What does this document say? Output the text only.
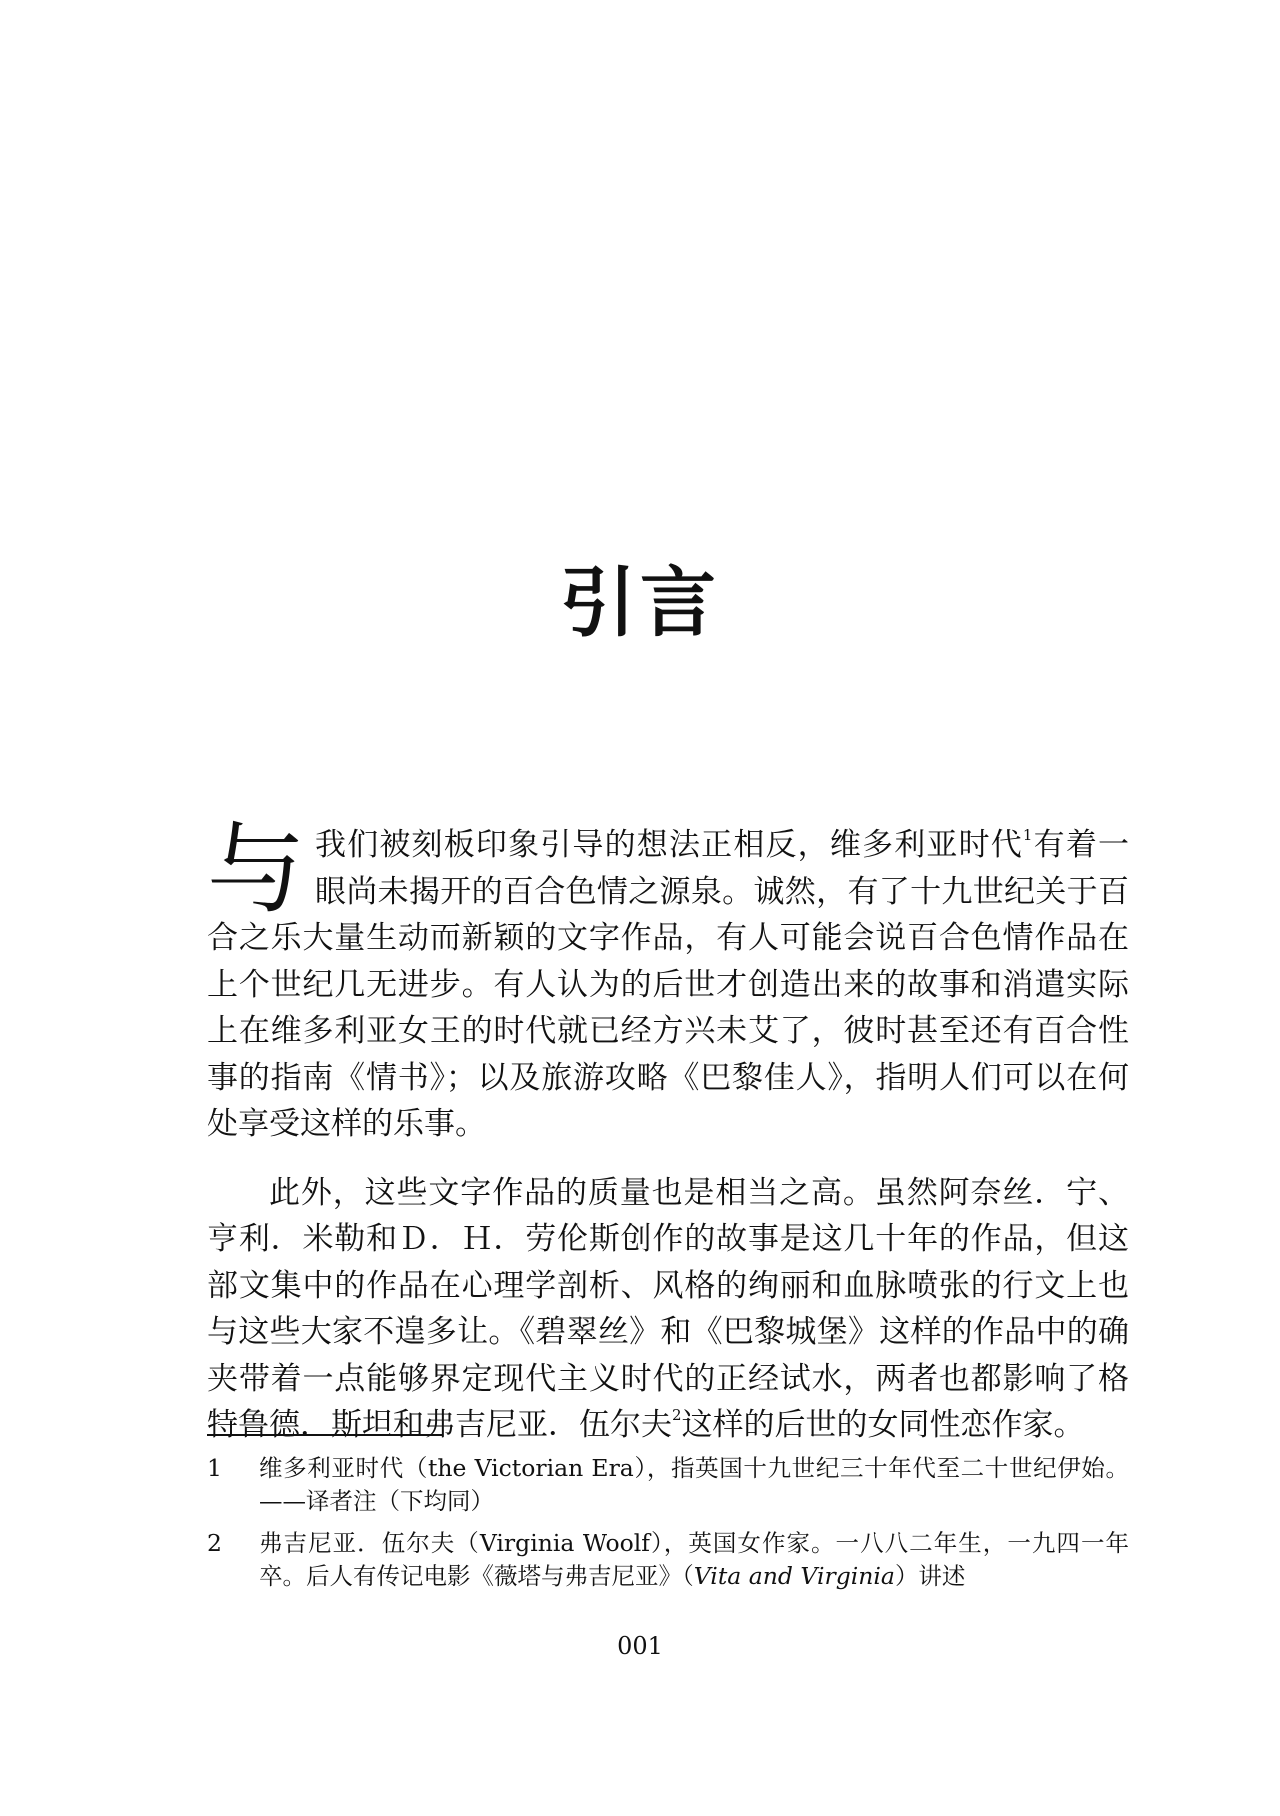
引言

与我们被刻板印象引导的想法正相反，维多利亚时代$^1$有着一眼尚未揭开的百合色情之源泉。诚然，有了十九世纪关于百合之乐大量生动而新颖的文字作品，有人可能会说百合色情作品在上个世纪几无进步。有人认为的后世才创造出来的故事和消遣实际上在维多利亚女王的时代就已经方兴未艾了，彼时甚至还有百合性事的指南《情书》；以及旅游攻略《巴黎佳人》，指明人们可以在何处享受这样的乐事。

此外，这些文字作品的质量也是相当之高。虽然阿奈丝．宁、亨利．米勒和Ｄ．Ｈ．劳伦斯创作的故事是这几十年的作品，但这部文集中的作品在心理学剖析、风格的绚丽和血脉喷张的行文上也与这些大家不遑多让。《碧翠丝》和《巴黎城堡》这样的作品中的确夹带着一点能够界定现代主义时代的正经试水，两者也都影响了格特鲁德．斯坦和弗吉尼亚．伍尔夫$^2$这样的后世的女同性恋作家。

1	维多利亚时代（the Victorian Era），指英国十九世纪三十年代至二十世纪伊始。——译者注（下均同）
2	弗吉尼亚．伍尔夫（Virginia Woolf），英国女作家。一八八二年生，一九四一年卒。后人有传记电影《薇塔与弗吉尼亚》（Vita and Virginia）讲述
001
